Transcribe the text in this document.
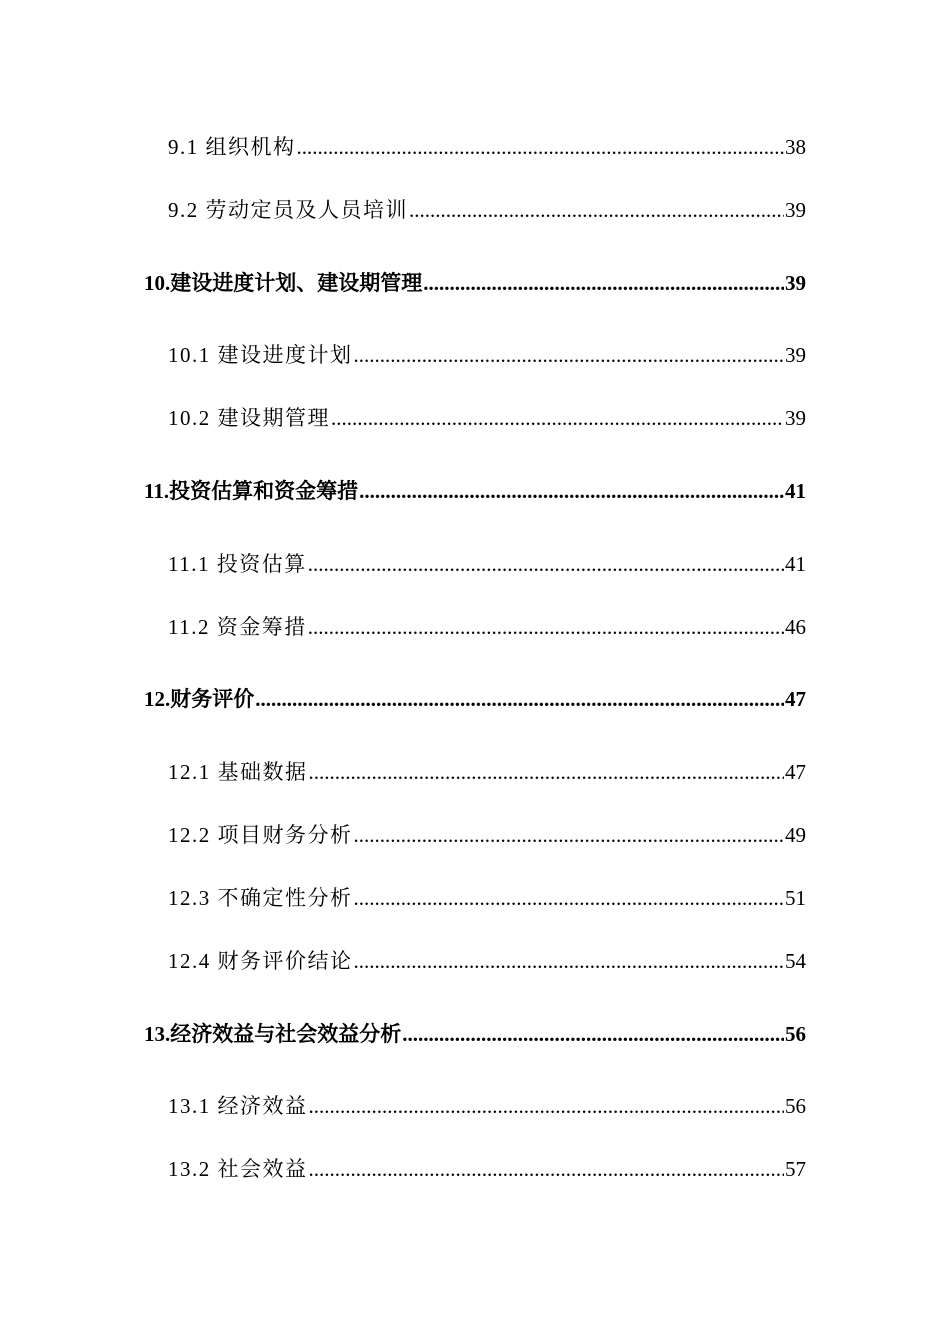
9.1 组织机构 .....	38
9.2 劳动定员及人员培训 .....	39
10.建设进度计划、建设期管理 .....	39
10.1 建设进度计划 .....	39
10.2 建设期管理 .....	39
11.投资估算和资金筹措 .....	41
11.1 投资估算 .....	41
11.2 资金筹措 .....	46
12.财务评价 .....	47
12.1 基础数据 .....	47
12.2 项目财务分析 .....	49
12.3 不确定性分析 .....	51
12.4 财务评价结论 .....	54
13.经济效益与社会效益分析 .....	56
13.1 经济效益 .....	56
13.2 社会效益 .....	57
